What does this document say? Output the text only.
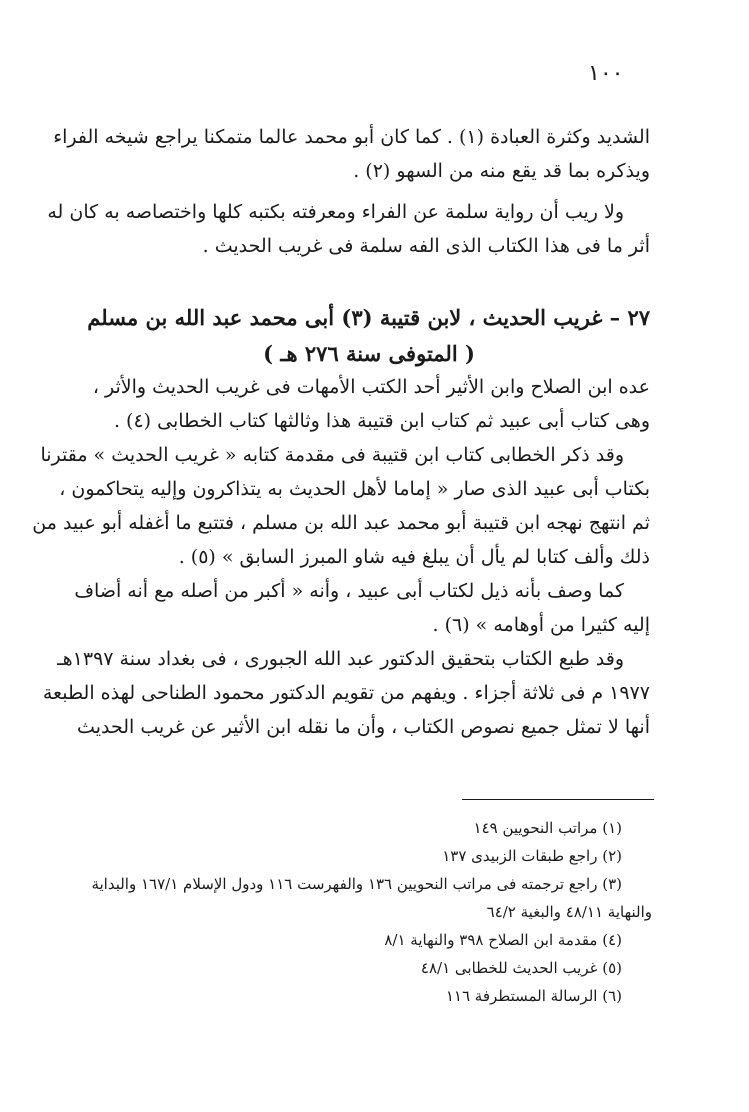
١٠٠
الشديد وكثرة العبادة (١) . كما كان أبو محمد عالما متمكنا يراجع شيخه الفراء
ويذكره بما قد يقع منه من السهو (٢) .
ولا ريب أن رواية سلمة عن الفراء ومعرفته بكتبه كلها واختصاصه به كان له
أثر ما فى هذا الكتاب الذى الفه سلمة فى غريب الحديث .
٢٧ – غريب الحديث ، لابن قتيبة (٣) أبى محمد عبد الله بن مسلم
( المتوفى سنة ٢٧٦ هـ )
عده ابن الصلاح وابن الأثير أحد الكتب الأمهات فى غريب الحديث والأثر ،
وهى كتاب أبى عبيد ثم كتاب ابن قتيبة هذا وثالثها كتاب الخطابى (٤) .
وقد ذكر الخطابى كتاب ابن قتيبة فى مقدمة كتابه « غريب الحديث » مقترنا
بكتاب أبى عبيد الذى صار « إماما لأهل الحديث به يتذاكرون وإليه يتحاكمون ،
ثم انتهج نهجه ابن قتيبة أبو محمد عبد الله بن مسلم ، فتتبع ما أغفله أبو عبيد من
ذلك وألف كتابا لم يأل أن يبلغ فيه شاو المبرز السابق » (٥) .
كما وصف بأنه ذيل لكتاب أبى عبيد ، وأنه « أكبر من أصله مع أنه أضاف
إليه كثيرا من أوهامه » (٦) .
وقد طبع الكتاب بتحقيق الدكتور عبد الله الجبورى ، فى بغداد سنة ١٣٩٧هـ
١٩٧٧ م فى ثلاثة أجزاء . ويفهم من تقويم الدكتور محمود الطناحى لهذه الطبعة
أنها لا تمثل جميع نصوص الكتاب ، وأن ما نقله ابن الأثير عن غريب الحديث
(١) مراتب النحويين ١٤٩
(٢) راجع طبقات الزبيدى ١٣٧
(٣) راجع ترجمته فى مراتب النحويين ١٣٦ والفهرست ١١٦ ودول الإسلام ١٦٧/١ والبداية
والنهاية ٤٨/١١ والبغية ٦٤/٢
(٤) مقدمة ابن الصلاح ٣٩٨ والنهاية ٨/١
(٥) غريب الحديث للخطابى ٤٨/١
(٦) الرسالة المستطرفة ١١٦
